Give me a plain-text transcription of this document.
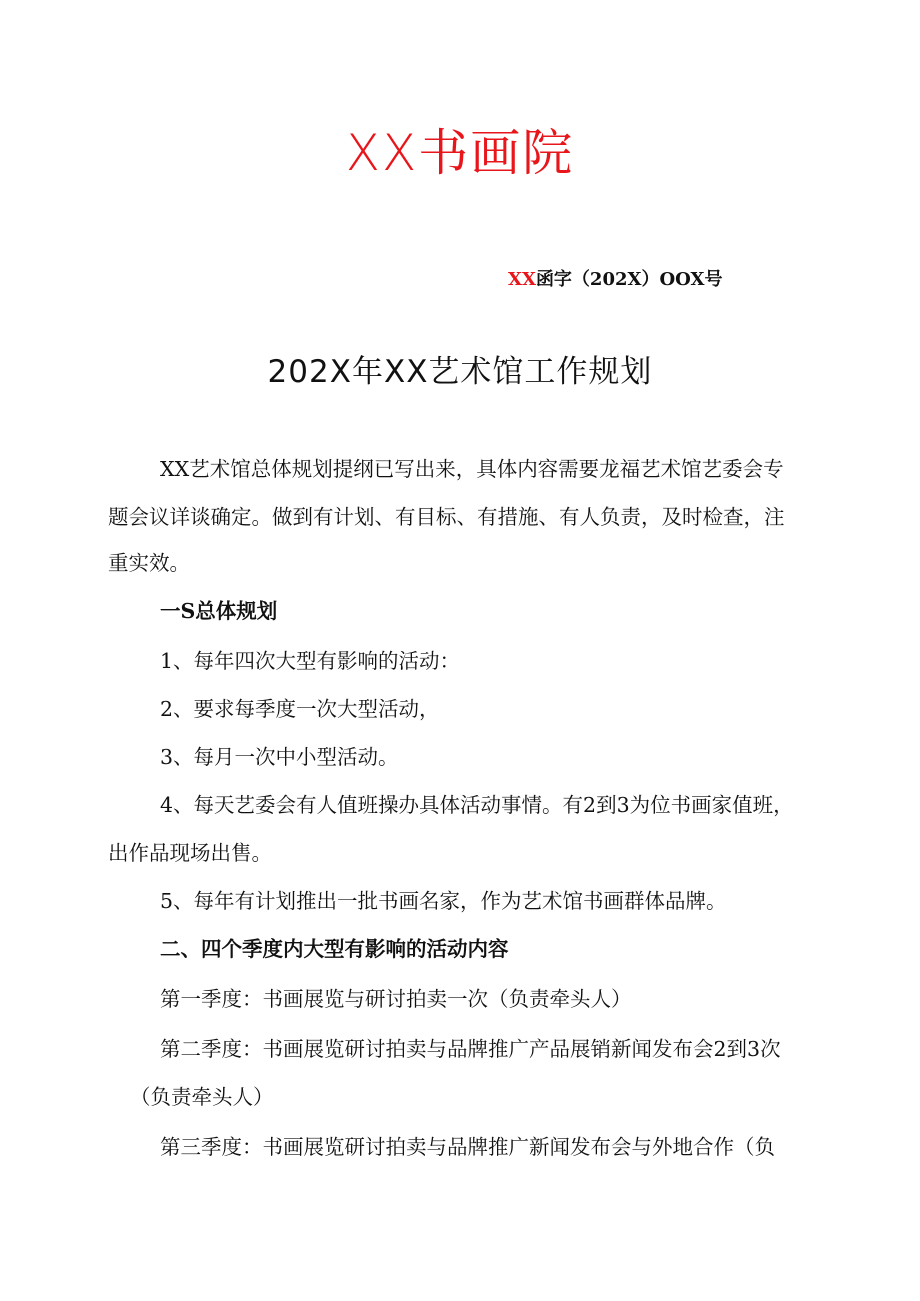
XX书画院
XX函字（202X）OOX号
202X年XX艺术馆工作规划
XX艺术馆总体规划提纲已写出来，具体内容需要龙福艺术馆艺委会专
题会议详谈确定。做到有计划、有目标、有措施、有人负责，及时检查，注
重实效。
一S总体规划
1、每年四次大型有影响的活动：
2、要求每季度一次大型活动，
3、每月一次中小型活动。
4、每天艺委会有人值班操办具体活动事情。有2到3为位书画家值班，
出作品现场出售。
5、每年有计划推出一批书画名家，作为艺术馆书画群体品牌。
二、四个季度内大型有影响的活动内容
第一季度：书画展览与研讨拍卖一次（负责牵头人）
第二季度：书画展览研讨拍卖与品牌推广产品展销新闻发布会2到3次
（负责牵头人）
第三季度：书画展览研讨拍卖与品牌推广新闻发布会与外地合作（负
